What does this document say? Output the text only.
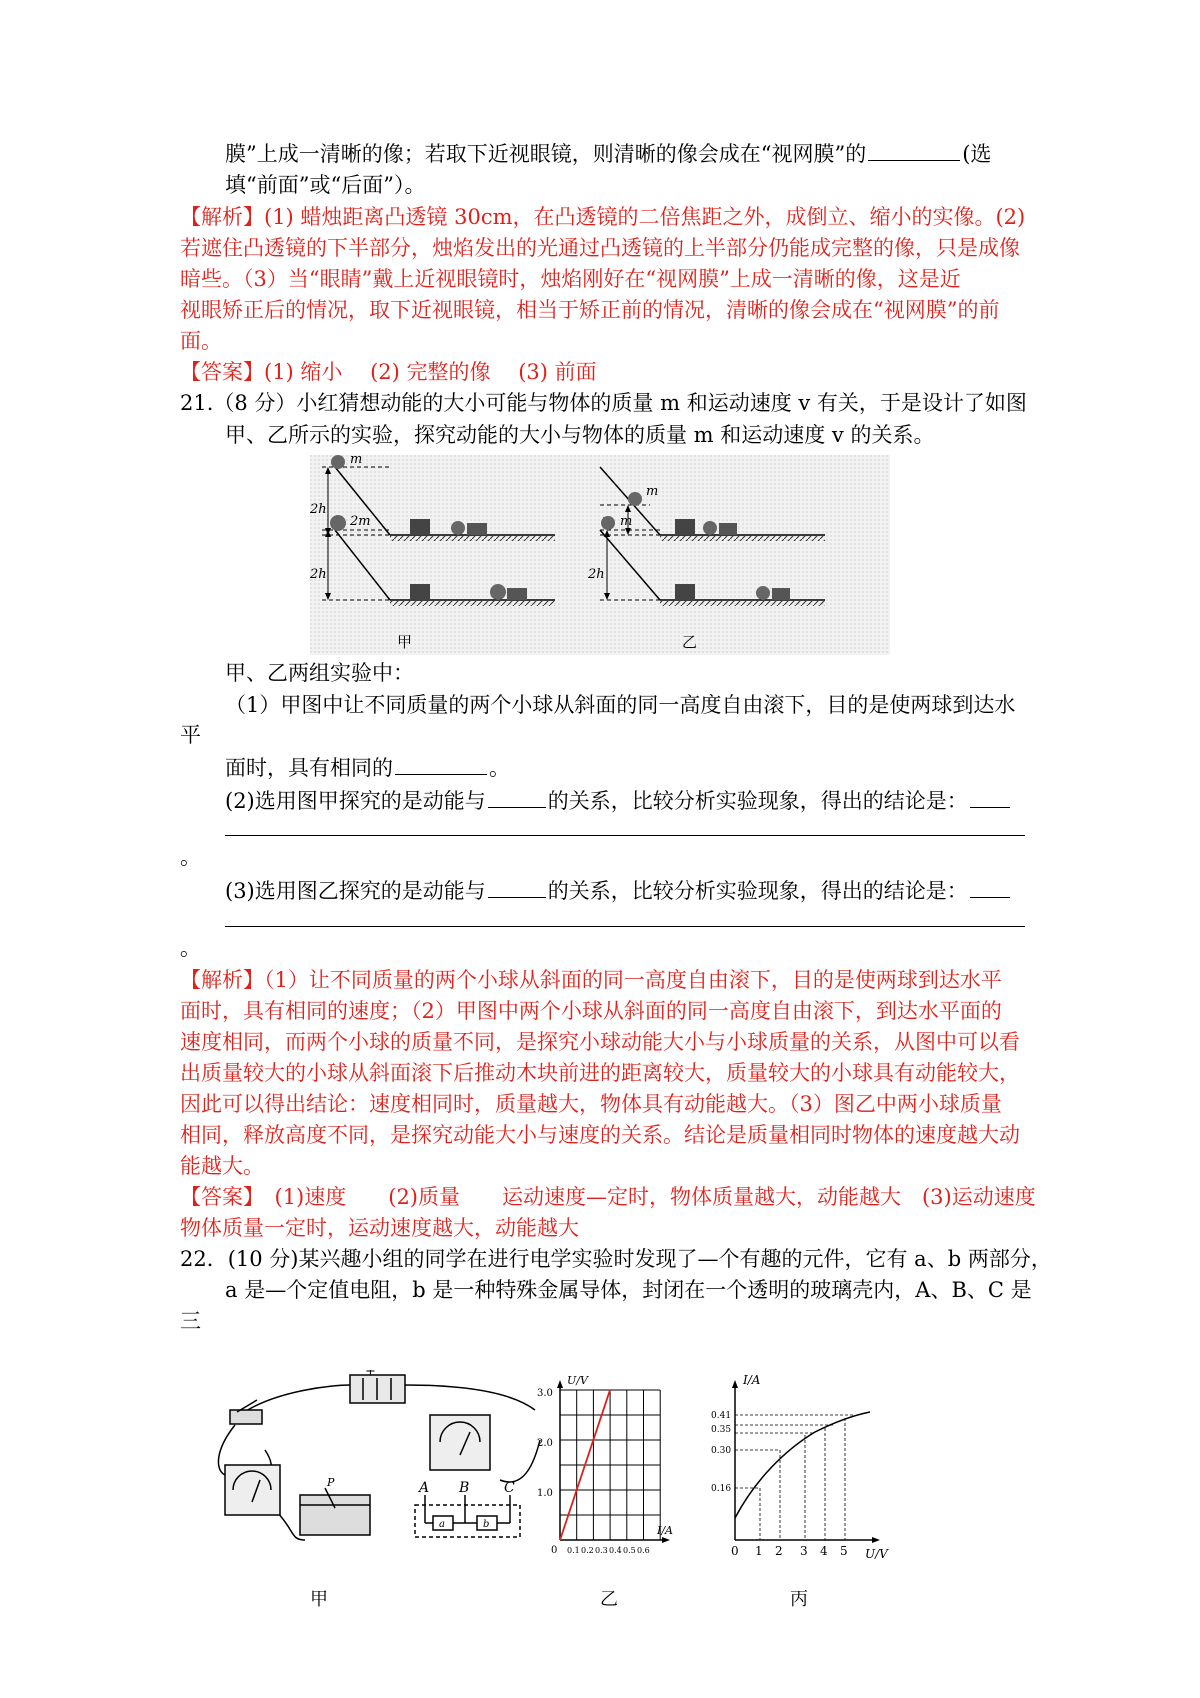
膜”上成一清晰的像；若取下近视眼镜，则清晰的像会成在“视网膜”的	(选
填“前面”或“后面”）。
【解析】(1) 蜡烛距离凸透镜 30cm，在凸透镜的二倍焦距之外，成倒立、缩小的实像。(2)
若遮住凸透镜的下半部分，烛焰发出的光通过凸透镜的上半部分仍能成完整的像，只是成像
暗些。（3）当“眼睛”戴上近视眼镜时，烛焰刚好在“视网膜”上成一清晰的像，这是近
视眼矫正后的情况，取下近视眼镜，相当于矫正前的情况，清晰的像会成在“视网膜”的前
面。
【答案】(1) 缩小　 (2) 完整的像　 (3) 前面
21.（8 分）小红猜想动能的大小可能与物体的质量 m 和运动速度 v 有关，于是设计了如图
甲、乙所示的实验，探究动能的大小与物体的质量 m 和运动速度 v 的关系。
m
2h
2m
2h
m
m
2h
甲	乙
甲、乙两组实验中：
（1）甲图中让不同质量的两个小球从斜面的同一高度自由滚下，目的是使两球到达水
平
面时，具有相同的	。
(2)选用图甲探究的是动能与	的关系，比较分析实验现象，得出的结论是：
。
(3)选用图乙探究的是动能与	的关系，比较分析实验现象，得出的结论是：
。
【解析】（1）让不同质量的两个小球从斜面的同一高度自由滚下，目的是使两球到达水平
面时，具有相同的速度；（2）甲图中两个小球从斜面的同一高度自由滚下，到达水平面的
速度相同，而两个小球的质量不同，是探究小球动能大小与小球质量的关系，从图中可以看
出质量较大的小球从斜面滚下后推动木块前进的距离较大，质量较大的小球具有动能较大，
因此可以得出结论：速度相同时，质量越大，物体具有动能越大。（3）图乙中两小球质量
相同，释放高度不同，是探究动能大小与速度的关系。结论是质量相同时物体的速度越大动
能越大。
【答案】　(1)速度　　(2)质量　　运动速度—定时，物体质量越大，动能越大　(3)运动速度
物体质量一定时，运动速度越大，动能越大
22．(10 分)某兴趣小组的同学在进行电学实验时发现了—个有趣的元件，它有 a、b 两部分，
a 是—个定值电阻，b 是一种特殊金属导体，封闭在一个透明的玻璃壳内，A、B、C 是
三
+
P	A B C
a	b
U/V
I/A
3.0
2.0
1.0
0 0.1 0.2 0.3 0.4 0.5 0.6
I/A
U/V
0.41
0.35
0.30
0.16
0 1 2 3 4 5
甲	乙	丙
